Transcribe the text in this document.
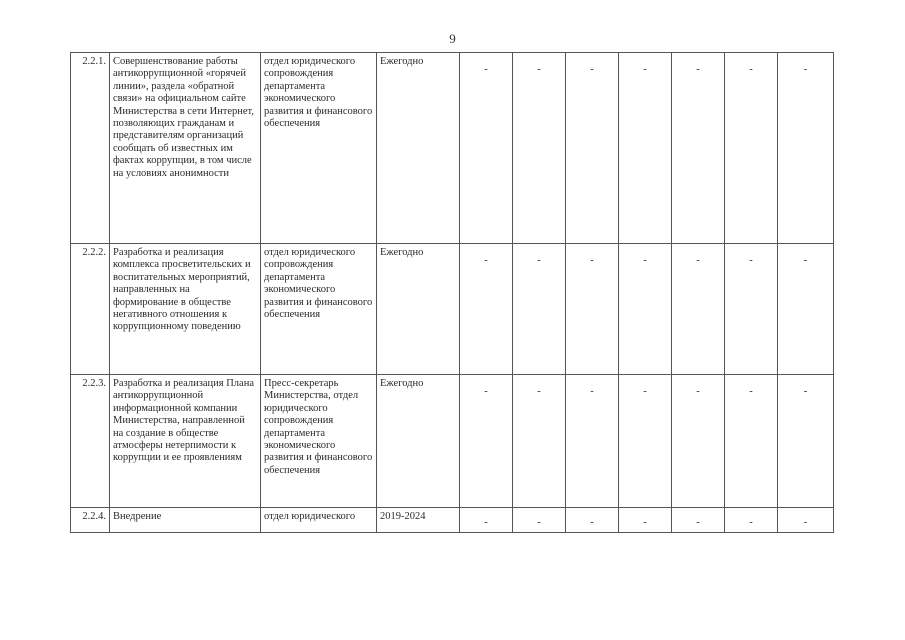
9
2.2.1.	Совершенствование работы антикоррупционной «горячей линии», раздела «обратной связи» на официальном сайте Министерства в сети Интернет, позволяющих гражданам и представителям организаций сообщать об известных им фактах коррупции, в том числе на условиях анонимности	отдел юридического сопровождения департамента экономического развития и финансового обеспечения	Ежегодно	-	-	-	-	-	-	-
2.2.2.	Разработка и реализация комплекса просветительских и воспитательных мероприятий, направленных на формирование в обществе негативного отношения к коррупционному поведению	отдел юридического сопровождения департамента экономического развития и финансового обеспечения	Ежегодно	-	-	-	-	-	-	-
2.2.3.	Разработка и реализация Плана антикоррупционной информационной компании Министерства, направленной на создание в обществе атмосферы нетерпимости к коррупции и ее проявлениям	Пресс-секретарь Министерства, отдел юридического сопровождения департамента экономического развития и финансового обеспечения	Ежегодно	-	-	-	-	-	-	-
2.2.4.	Внедрение	отдел юридического	2019-2024	-	-	-	-	-	-	-
